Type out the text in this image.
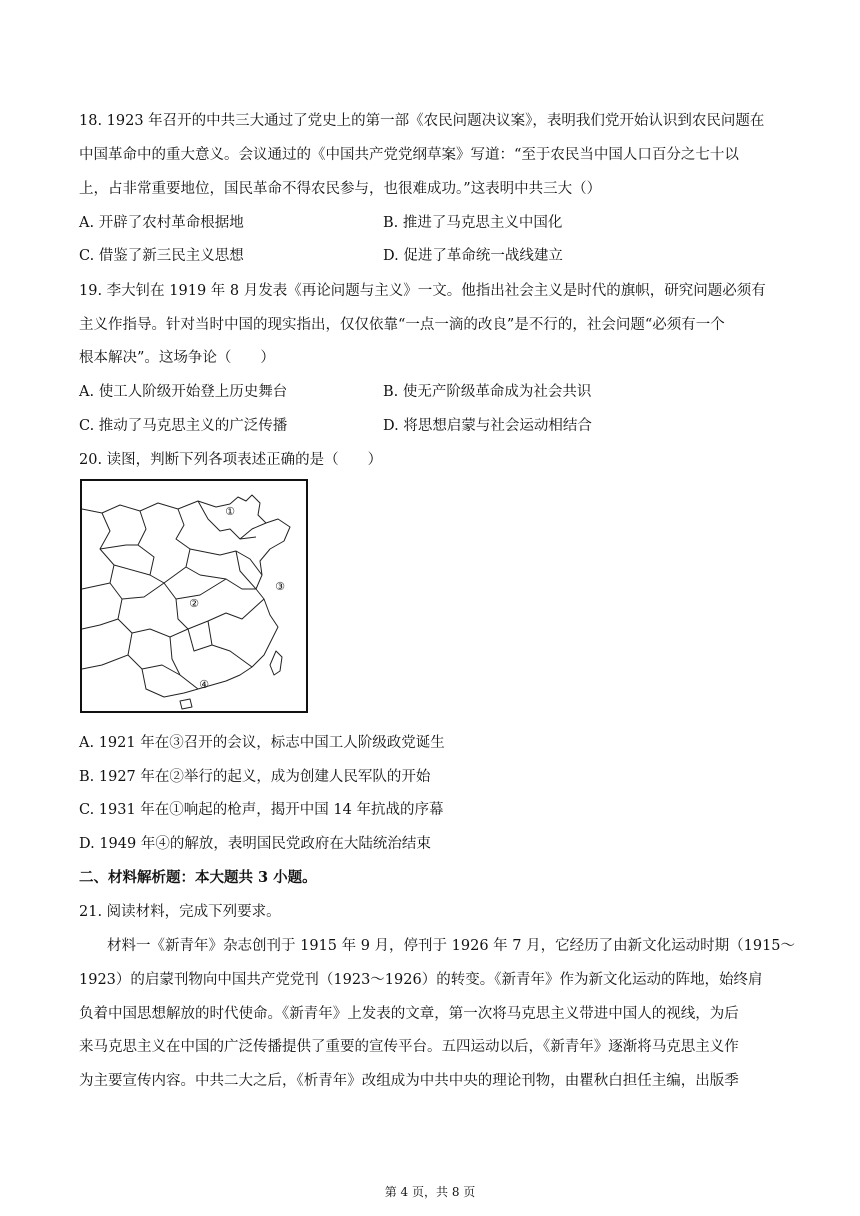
18. 1923 年召开的中共三大通过了党史上的第一部《农民问题决议案》，表明我们党开始认识到农民问题在
中国革命中的重大意义。会议通过的《中国共产党党纲草案》写道：“至于农民当中国人口百分之七十以
上，占非常重要地位，国民革命不得农民参与，也很难成功。”这表明中共三大（）
A. 开辟了农村革命根据地	B. 推进了马克思主义中国化
C. 借鉴了新三民主义思想	D. 促进了革命统一战线建立
19. 李大钊在 1919 年 8 月发表《再论问题与主义》一文。他指出社会主义是时代的旗帜，研究问题必须有
主义作指导。针对当时中国的现实指出，仅仅依靠“一点一滴的改良”是不行的，社会问题“必须有一个
根本解决”。这场争论（　　）
A. 使工人阶级开始登上历史舞台	B. 使无产阶级革命成为社会共识
C. 推动了马克思主义的广泛传播	D. 将思想启蒙与社会运动相结合
20. 读图，判断下列各项表述正确的是（　　）
①
②
③
④
A. 1921 年在③召开的会议，标志中国工人阶级政党诞生
B. 1927 年在②举行的起义，成为创建人民军队的开始
C. 1931 年在①响起的枪声，揭开中国 14 年抗战的序幕
D. 1949 年④的解放，表明国民党政府在大陆统治结束
二、材料解析题：本大题共 3 小题。
21. 阅读材料，完成下列要求。
材料一《新青年》杂志创刊于 1915 年 9 月，停刊于 1926 年 7 月，它经历了由新文化运动时期（1915～
1923）的启蒙刊物向中国共产党党刊（1923～1926）的转变。《新青年》作为新文化运动的阵地，始终肩
负着中国思想解放的时代使命。《新青年》上发表的文章，第一次将马克思主义带进中国人的视线，为后
来马克思主义在中国的广泛传播提供了重要的宣传平台。五四运动以后，《新青年》逐渐将马克思主义作
为主要宣传内容。中共二大之后，《析青年》改组成为中共中央的理论刊物，由瞿秋白担任主编，出版季
第 4 页，共 8 页
